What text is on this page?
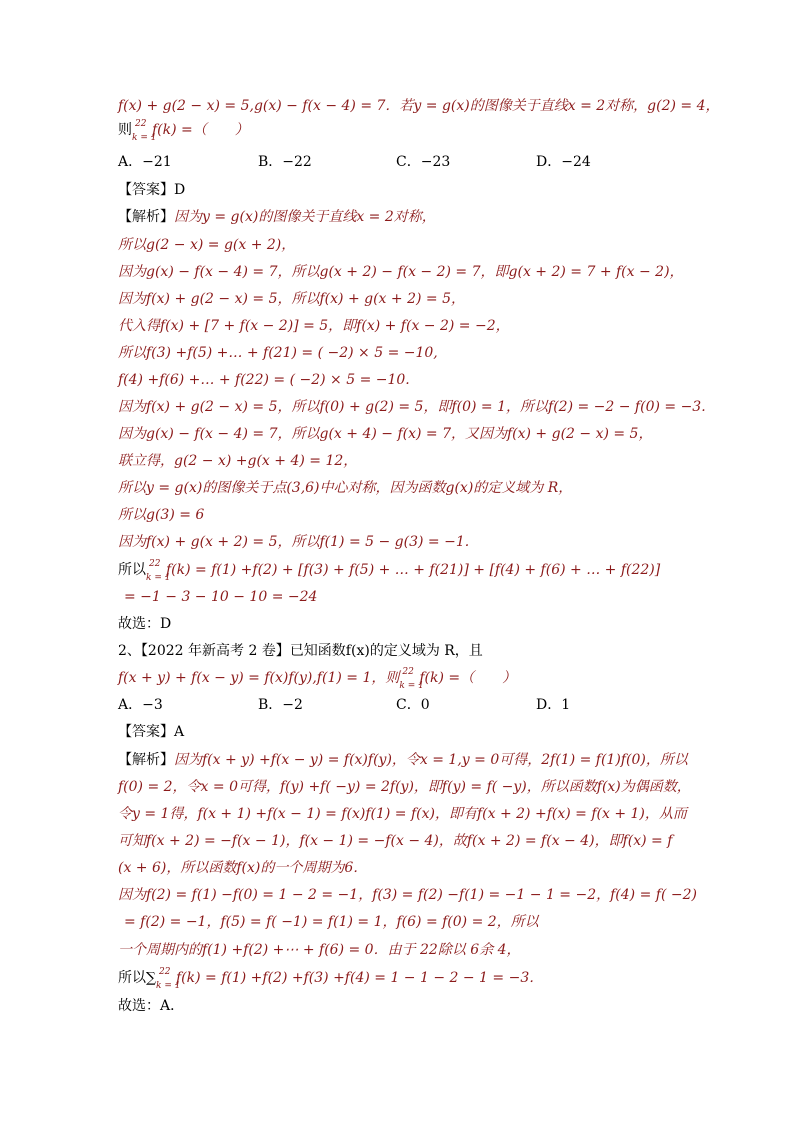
f(x) + g(2 − x) = 5,g(x) − f(x − 4) = 7．若y = g(x)的图像关于直线x = 2对称，g(2) = 4，
则 22
k = 1
f(k) =（　　）
A．−21	B．−22	C．−23	D．−24
【答案】D
【解析】因为y = g(x)的图像关于直线x = 2对称，
所以g(2 − x) = g(x + 2)，
因为g(x) − f(x − 4) = 7，所以g(x + 2) − f(x − 2) = 7，即g(x + 2) = 7 + f(x − 2)，
因为f(x) + g(2 − x) = 5，所以f(x) + g(x + 2) = 5，
代入得f(x) + [7 + f(x − 2)] = 5，即f(x) + f(x − 2) = −2，
所以f(3) +f(5) +… + f(21) = ( −2) × 5 = −10,
f(4) +f(6) +… + f(22) = ( −2) × 5 = −10.
因为f(x) + g(2 − x) = 5，所以f(0) + g(2) = 5，即f(0) = 1，所以f(2) = −2 − f(0) = −3.
因为g(x) − f(x − 4) = 7，所以g(x + 4) − f(x) = 7，又因为f(x) + g(2 − x) = 5，
联立得，g(2 − x) +g(x + 4) = 12，
所以y = g(x)的图像关于点(3,6)中心对称，因为函数g(x)的定义域为 R，
所以g(3) = 6
因为f(x) + g(x + 2) = 5，所以f(1) = 5 − g(3) = −1.
所以 22
k = 1
f(k) = f(1) +f(2) + [f(3) + f(5) + … + f(21)] + [f(4) + f(6) + … + f(22)]
= −1 − 3 − 10 − 10 = −24
故选：D
2、【2022 年新高考 2 卷】已知函数f(x)的定义域为 R，且
f(x + y) + f(x − y) = f(x)f(y),f(1) = 1，则 22
k = 1
f(k) =（　　）
A．−3	B．−2	C．0	D．1
【答案】A
【解析】因为f(x + y) +f(x − y) = f(x)f(y)，令x = 1,y = 0可得，2f(1) = f(1)f(0)，所以
f(0) = 2，令x = 0可得，f(y) +f( −y) = 2f(y)，即f(y) = f( −y)，所以函数f(x)为偶函数，
令y = 1得，f(x + 1) +f(x − 1) = f(x)f(1) = f(x)，即有f(x + 2) +f(x) = f(x + 1)，从而
可知f(x + 2) = −f(x − 1)，f(x − 1) = −f(x − 4)，故f(x + 2) = f(x − 4)，即f(x) = f
(x + 6)，所以函数f(x)的一个周期为6．
因为f(2) = f(1) −f(0) = 1 − 2 = −1，f(3) = f(2) −f(1) = −1 − 1 = −2，f(4) = f( −2)
= f(2) = −1，f(5) = f( −1) = f(1) = 1，f(6) = f(0) = 2，所以
一个周期内的f(1) +f(2) +⋯ + f(6) = 0．由于 22除以 6余 4，
所以∑ 22
k = 1
f(k) = f(1) +f(2) +f(3) +f(4) = 1 − 1 − 2 − 1 = −3．
故选：A．
